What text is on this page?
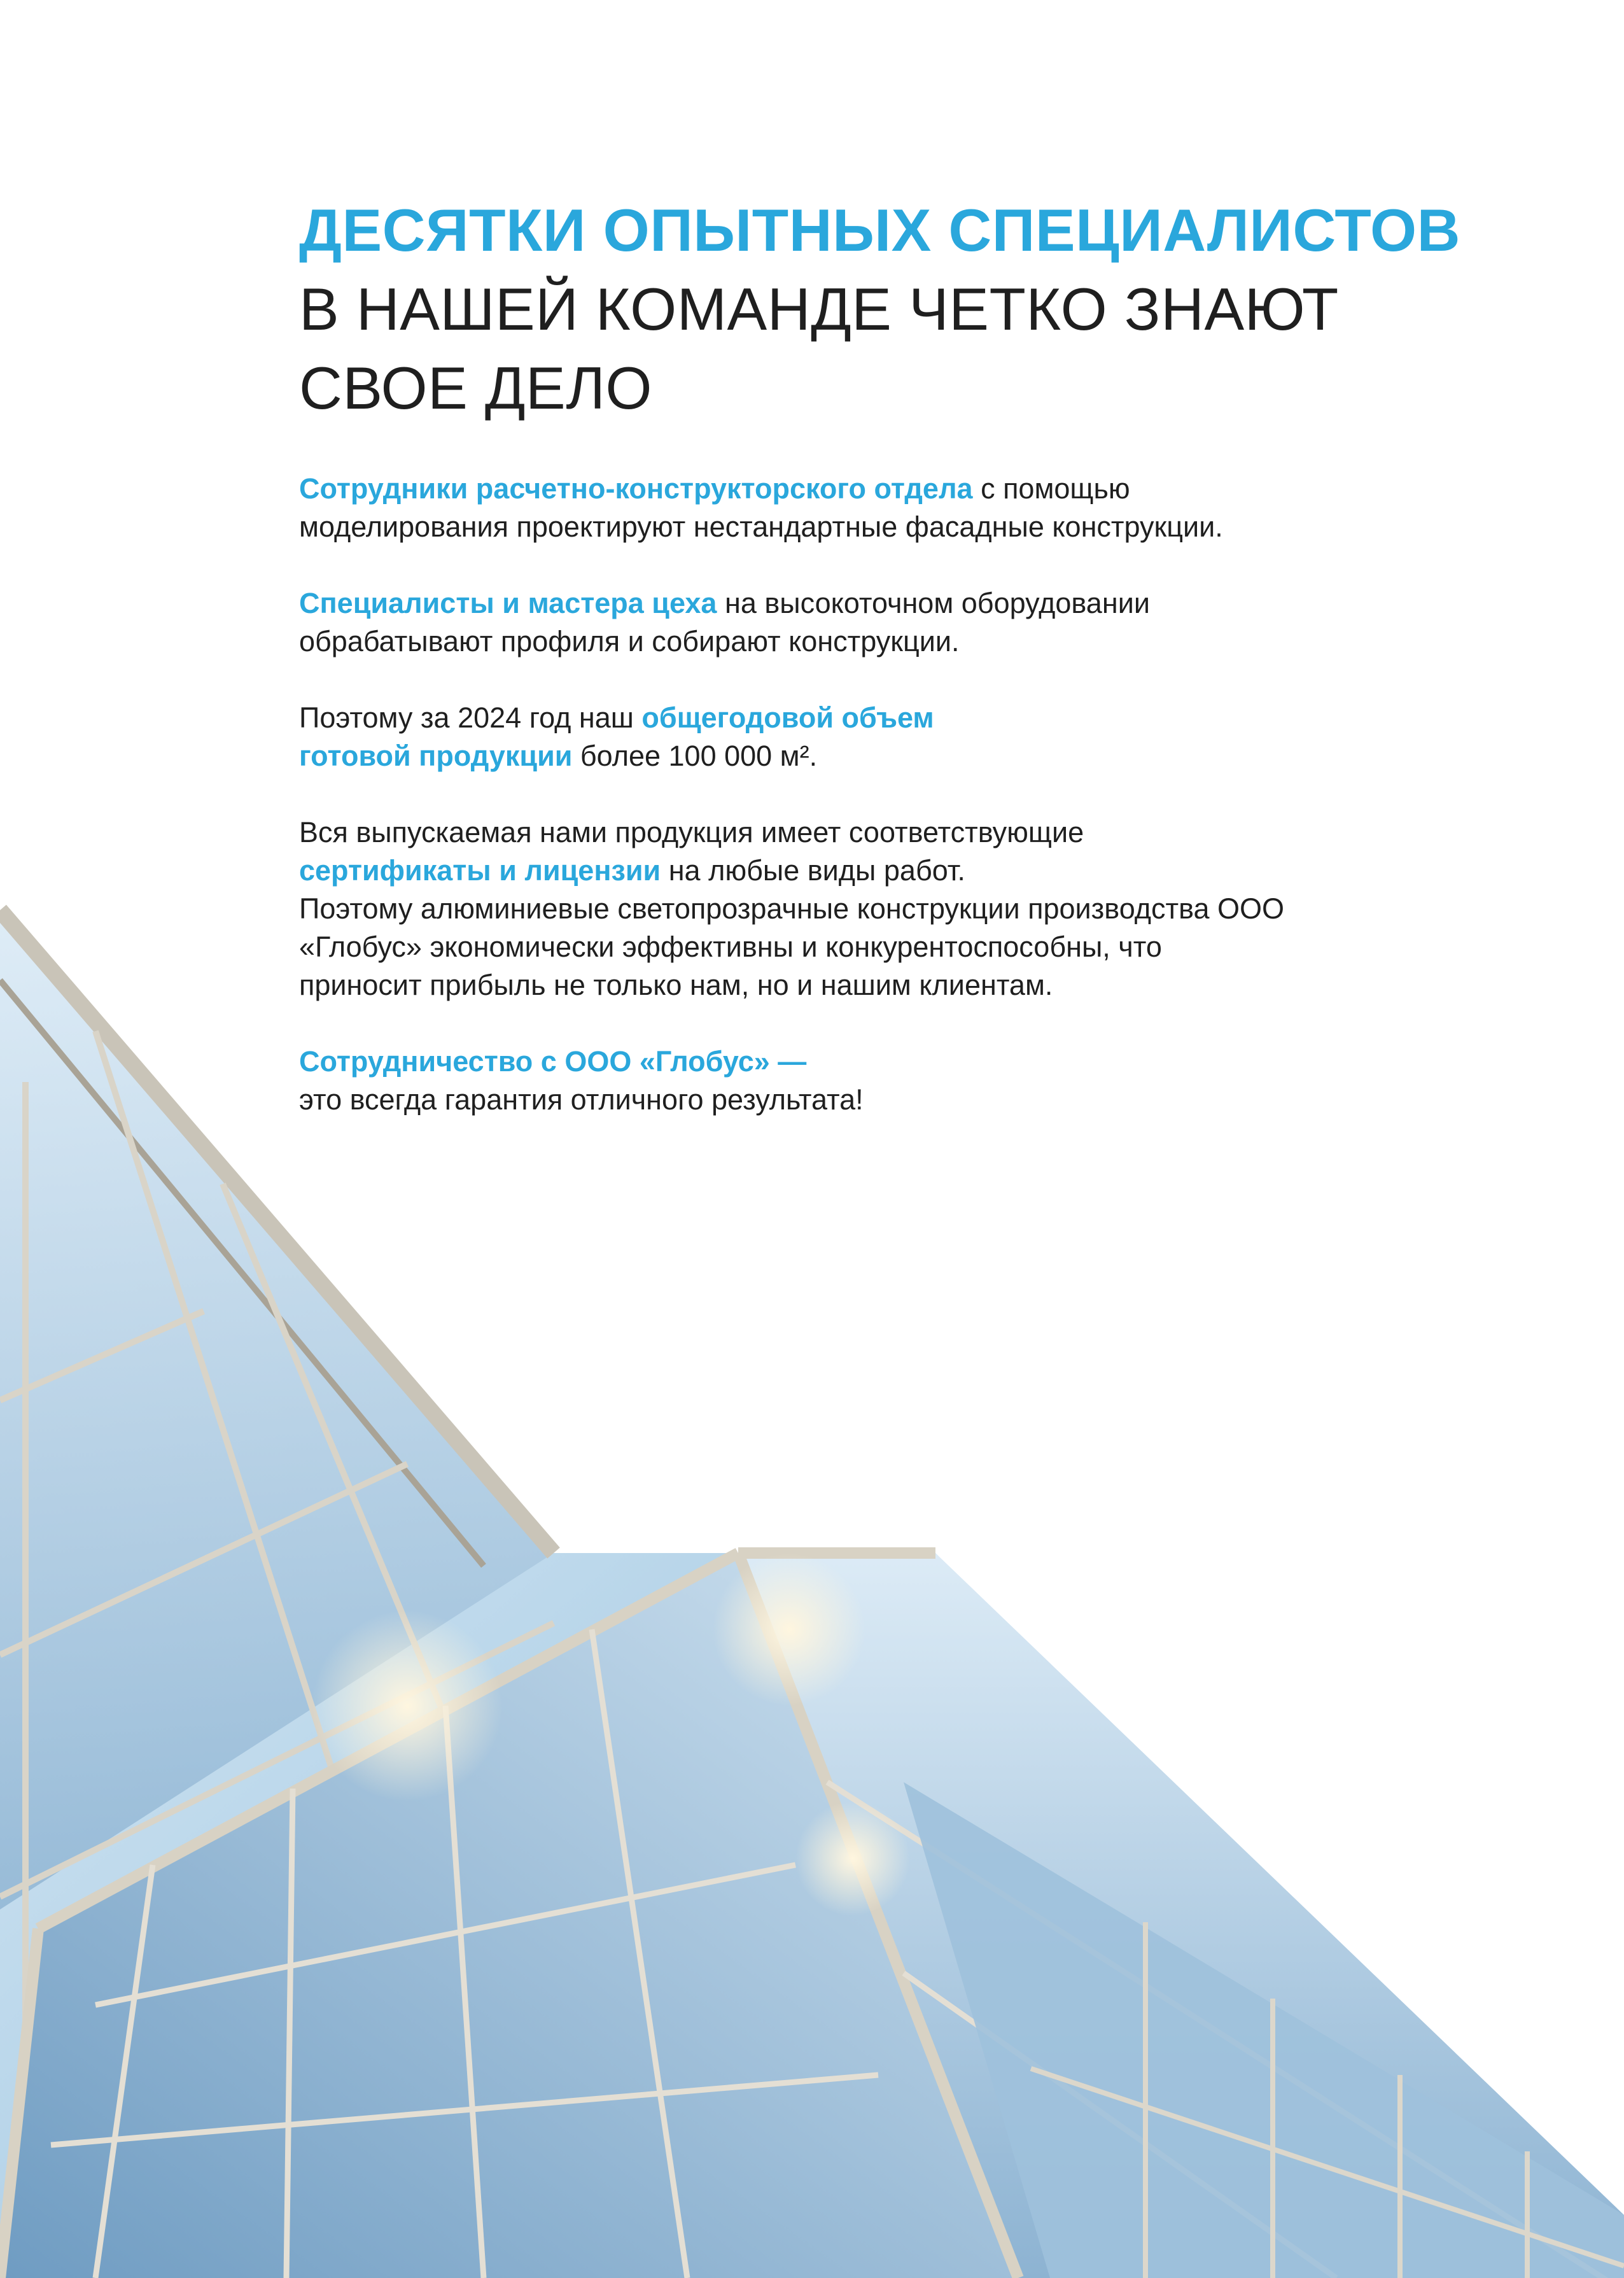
ДЕСЯТКИ ОПЫТНЫХ СПЕЦИАЛИСТОВ
В НАШЕЙ КОМАНДЕ ЧЕТКО ЗНАЮТ
СВОЕ ДЕЛО

Сотрудники расчетно-конструкторского отдела с помощью моделирования проектируют нестандартные фасадные конструкции.

Специалисты и мастера цеха на высокоточном оборудовании обрабатывают профиля и собирают конструкции.

Поэтому за 2024 год наш общегодовой объем
готовой продукции более 100 000 м².

Вся выпускаемая нами продукция имеет соответствующие
сертификаты и лицензии на любые виды работ.
Поэтому алюминиевые светопрозрачные конструкции производства ООО «Глобус» экономически эффективны и конкурентоспособны, что приносит прибыль не только нам, но и нашим клиентам.

Сотрудничество с ООО «Глобус» —
это всегда гарантия отличного результата!
